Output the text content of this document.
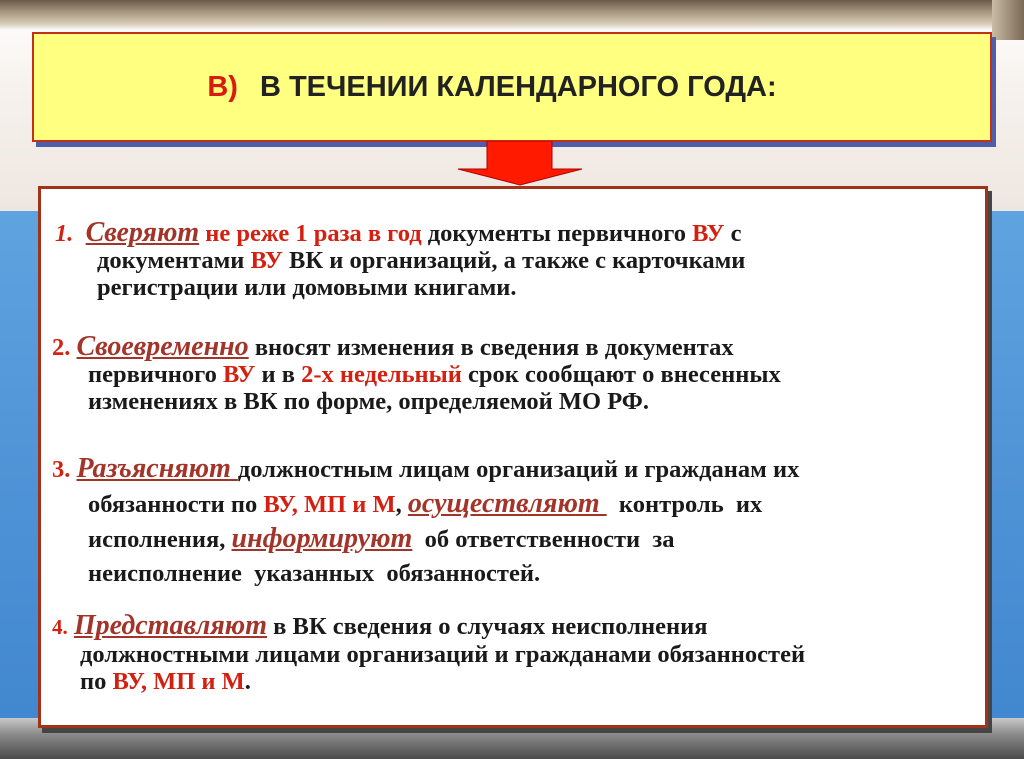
В) В ТЕЧЕНИИ КАЛЕНДАРНОГО ГОДА:
1. Сверяют не реже 1 раза в год документы первичного ВУ с
документами ВУ ВК и организаций, а также с карточками
регистрации или домовыми книгами.
2. Своевременно вносят изменения в сведения в документах
первичного ВУ и в 2-х недельный срок сообщают о внесенных
изменениях в ВК по форме, определяемой МО РФ.
3. Разъясняют должностным лицам организаций и гражданам их
обязанности по ВУ, МП и М, осуществляют   контроль  их
исполнения, информируют  об ответственности  за
неисполнение  указанных  обязанностей.
4. Представляют в ВК сведения о случаях неисполнения
должностными лицами организаций и гражданами обязанностей
по ВУ, МП и М.
